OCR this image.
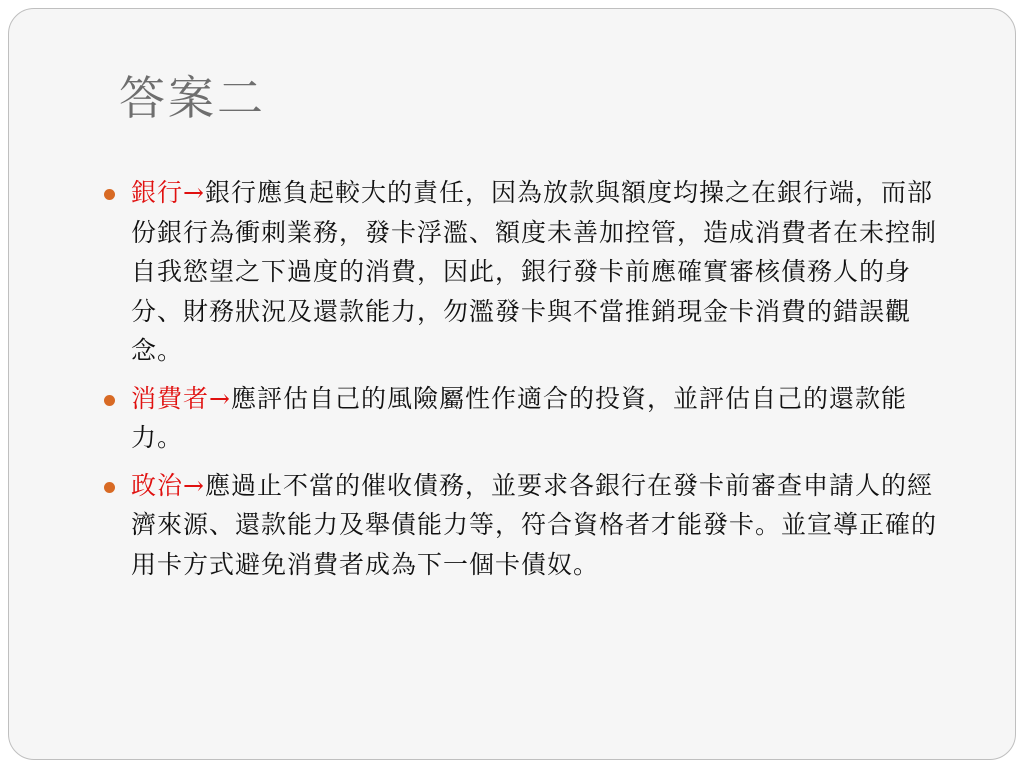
答案二
銀行→銀行應負起較大的責任，因為放款與額度均操之在銀行端，而部份銀行為衝刺業務，發卡浮濫、額度未善加控管，造成消費者在未控制自我慾望之下過度的消費，因此，銀行發卡前應確實審核債務人的身分、財務狀況及還款能力，勿濫發卡與不當推銷現金卡消費的錯誤觀念。
消費者→應評估自己的風險屬性作適合的投資，並評估自己的還款能力。
政治→應過止不當的催收債務，並要求各銀行在發卡前審查申請人的經濟來源、還款能力及舉債能力等，符合資格者才能發卡。並宣導正確的用卡方式避免消費者成為下一個卡債奴。
